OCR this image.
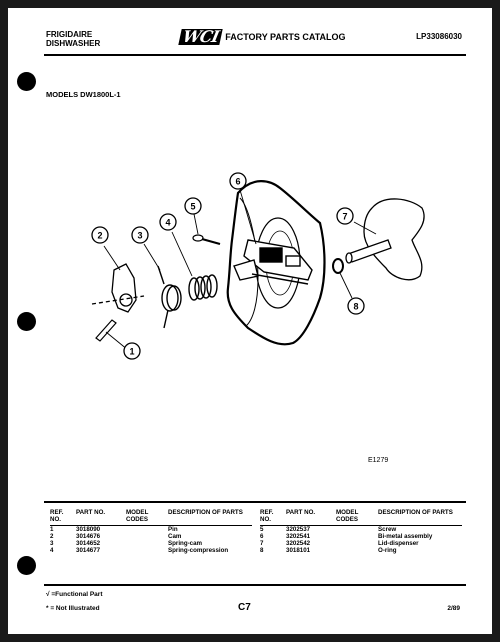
FRIGIDAIRE
DISHWASHER	WCI FACTORY PARTS CATALOG	LP33086030
MODELS DW1800L-1
1
2	3
4
5
6
7
8
E1279
REF. NO.	PART NO.	MODEL CODES	DESCRIPTION OF PARTS
1	3018090		Pin
2	3014676		Cam
3	3014652		Spring-cam
4	3014677		Spring-compression
REF. NO.	PART NO.	MODEL CODES	DESCRIPTION OF PARTS
5	3202537		Screw
6	3202541		Bi-metal assembly
7	3202542		Lid-dispenser
8	3018101		O-ring
√ =Functional Part
* = Not Illustrated	C7	2/89
